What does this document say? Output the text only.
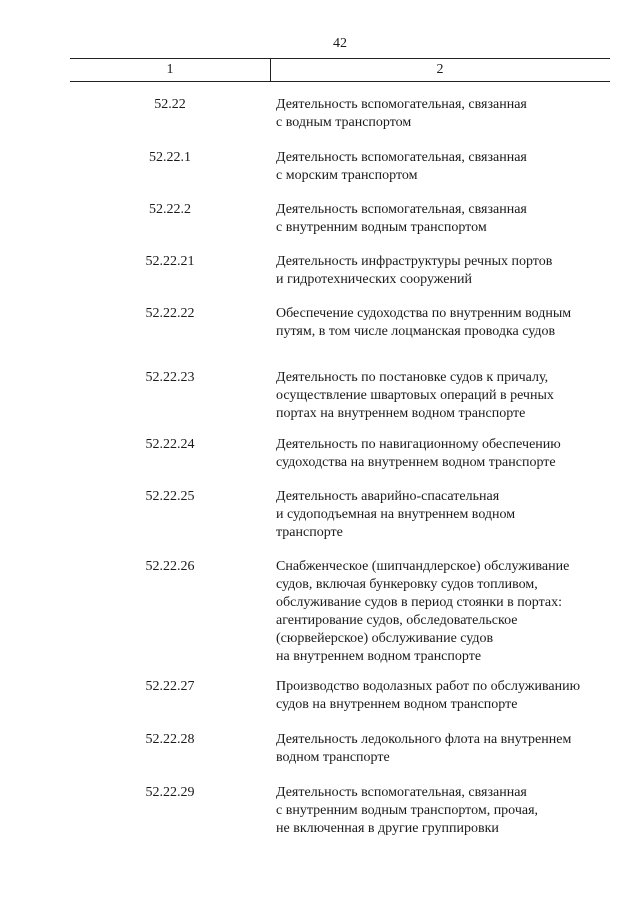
42
1	2
52.22	Деятельность вспомогательная, связанная
с водным транспортом
52.22.1	Деятельность вспомогательная, связанная
с морским транспортом
52.22.2	Деятельность вспомогательная, связанная
с внутренним водным транспортом
52.22.21	Деятельность инфраструктуры речных портов
и гидротехнических сооружений
52.22.22	Обеспечение судоходства по внутренним водным
путям, в том числе лоцманская проводка судов
52.22.23	Деятельность по постановке судов к причалу,
осуществление швартовых операций в речных
портах на внутреннем водном транспорте
52.22.24	Деятельность по навигационному обеспечению
судоходства на внутреннем водном транспорте
52.22.25	Деятельность аварийно-спасательная
и судоподъемная на внутреннем водном
транспорте
52.22.26	Снабженческое (шипчандлерское) обслуживание
судов, включая бункеровку судов топливом,
обслуживание судов в период стоянки в портах:
агентирование судов, обследовательское
(сюрвейерское) обслуживание судов
на внутреннем водном транспорте
52.22.27	Производство водолазных работ по обслуживанию
судов на внутреннем водном транспорте
52.22.28	Деятельность ледокольного флота на внутреннем
водном транспорте
52.22.29	Деятельность вспомогательная, связанная
с внутренним водным транспортом, прочая,
не включенная в другие группировки
